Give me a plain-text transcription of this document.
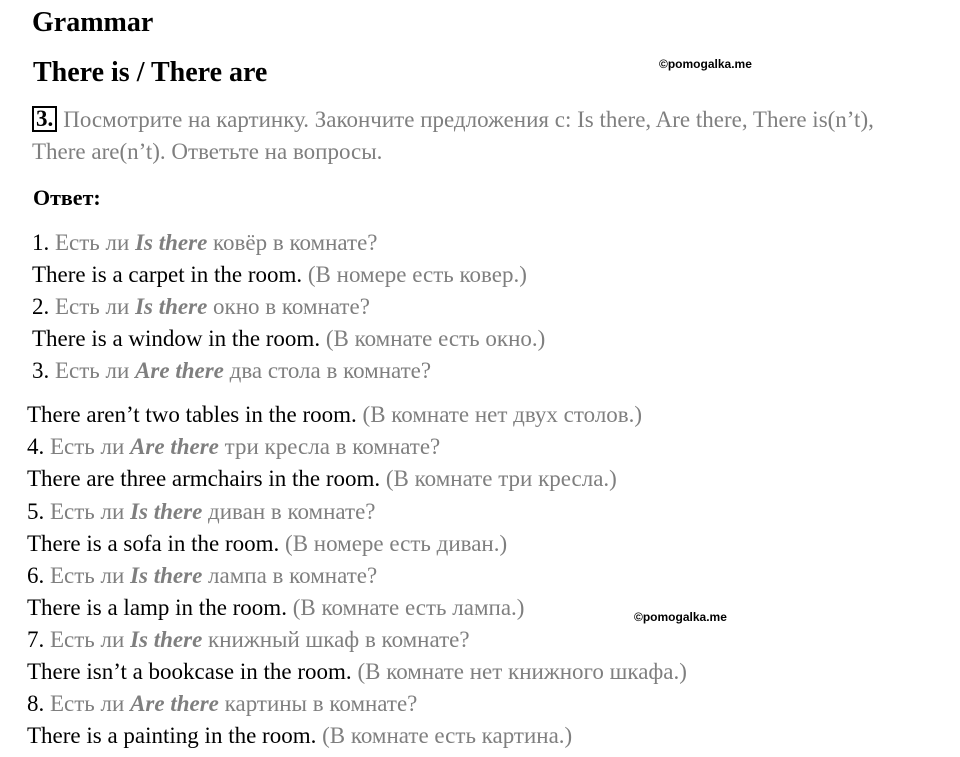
Grammar
There is / There are	©pomogalka.me
3. Посмотрите на картинку. Закончите предложения с: Is there, Are there, There is(n’t), There are(n’t). Ответьте на вопросы.
Ответ:
1. Есть ли Is there ковёр в комнате?
There is a carpet in the room. (В номере есть ковер.)
2. Есть ли Is there окно в комнате?
There is a window in the room. (В комнате есть окно.)
3. Есть ли Are there два стола в комнате?
There aren’t two tables in the room. (В комнате нет двух столов.)
4. Есть ли Are there три кресла в комнате?
There are three armchairs in the room. (В комнате три кресла.)
5. Есть ли Is there диван в комнате?
There is a sofa in the room. (В номере есть диван.)
6. Есть ли Is there лампа в комнате?
There is a lamp in the room. (В комнате есть лампа.)	©pomogalka.me
7. Есть ли Is there книжный шкаф в комнате?
There isn’t a bookcase in the room. (В комнате нет книжного шкафа.)
8. Есть ли Are there картины в комнате?
There is a painting in the room. (В комнате есть картина.)
